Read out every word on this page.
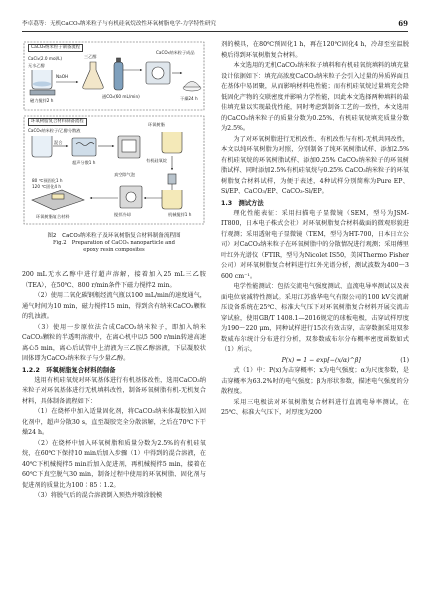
李卓荔等：无机CaCO₃纳米粒子与有机硅氧烷改性环氧树脂电学-力学特性研究	69
CaCO₃纳米粒子制备流程
环氧树脂复合材料制备流程
CaCl₂(2.0 mol/L)
无水乙醇
NaOH
磁力搅拌2 h
三乙醇
通CO₂(60 mL/min)
CaCO₃纳米粒子成品
干燥24 h
CaCO₃纳米粒子/乙醇分散液
混合
超声分散1 h
环氧树脂
有机硅氧烷
机械搅拌1 h
真空除气泡
搅拌冷却
80 ℃预固化1 h
120 ℃固化4 h
环氧树脂复合材料
图2　CaCO₃纳米粒子及环氧树脂复合材料制备流程图
Fig.2　Preparation of CaCO₃ nanoparticle and
epoxy resin composites

200 mL无水乙醇中进行超声溶解，接着加入25 mL三乙胺（TEA），在50℃、800 r/min条件下磁力搅拌2 min。

（2）使用二氧化碳钢瓶经流气瓶以100 mL/min的速度通气，通气时间为10 min，磁力搅拌15 min，得到含有纳米CaCO₃颗粒的乳浊液。

（3）使用一步原位法合成CaCO₃纳米粒子，即加入纳米CaCO₃颗粒的半透明溶液中，在离心机中以5 500 r/min转速高速离心5 min，离心后试管中上清液为三乙胺乙醇溶液，下层凝胶状固体即为CaCO₃纳米粒子与少量乙醇。

1.2.2　环氧树脂复合材料的制备

选用有机硅氧烷对环氧基体进行有机基体改性，选用CaCO₃纳米粒子对环氧基体进行无机填料改性，制备环氧树脂有机-无机复合材料，具体制备流程如下：

（1）在烧杯中加入适量固化剂，将CaCO₃纳米体凝胶加入固化剂中，超声分散30 s，直至凝胶完全分散溶解，之后在70℃下干燥24 h。

（2）在烧杯中加入环氧树脂和质量分数为2.5%的有机硅氧烷，在60℃下保持10 min后加入步骤（1）中得到的混合溶液，在40℃下机械搅拌5 min后加入促进剂，再机械搅拌5 min，接着在60℃下真空脱气30 min，制备过程中使用的环氧树脂、固化剂与促进剂的质量比为100∶85∶1.2。

（3）将脱气后的混合溶液倒入预热并喷涂脱模

剂的模具，在80℃预固化1 h，再在120℃固化4 h，冷却至室温脱模后得到环氧树脂复合材料。

本文选用的无机CaCO₃纳米粒子填料和有机硅氧烷填料的填充量设计依据如下：填充高浓度CaCO₃纳米粒子会引入过量的异质界面且在基体中易团聚，从而影响材料电性能；而有机硅氧烷过量填充会降低固化产物的交联密度并影响力学性能，因此本文选择两种填料的最佳填充量以实现最优性能，同时考虑到制备工艺的一致性，本文选用的CaCO₃纳米粒子的质量分数为0.25%、有机硅氧烷填充质量分数为2.5%。

为了对环氧树脂进行无机改性、有机改性与有机-无机共同改性，本文以纯环氧树脂为对照，分别制备了纯环氧树脂试样、添加2.5%有机硅氧烷的环氧树脂试样、添加0.25% CaCO₃纳米粒子的环氧树脂试样、同时添加2.5%有机硅氧烷与0.25% CaCO₃纳米粒子的环氧树脂复合材料试样，为便于表述，4种试样分别简称为Pure EP、Si/EP、CaCO₃/EP、CaCO₃-Si/EP。

1.3　测试方法

理化性能表征：采用扫描电子显微镜（SEM，型号为JSM-IT800，日本电子株式会社）对环氧树脂复合材料截面的微观形貌进行观测；采用透射电子显微镜（TEM，型号为HT-700，日本日立公司）对CaCO₃纳米粒子在环氧树脂中的分散情况进行观测；采用傅里叶红外光谱仪（FTIR，型号为Nicolet IS50，美国Thermo Fisher公司）对环氧树脂复合材料进行红外光谱分析，测试波数为400～3 600 cm⁻¹。

电学性能测试：包括交流电气强度测试、直流电导率测试以及表面电位衰减特性测试。采用江苏盛华电气有限公司的100 kV交流耐压设备系统在25℃、标准大气压下对环氧树脂复合材料开展交流击穿试验，使用GB/T 1408.1—2016规定的球板电极，击穿试样厚度为190～220 μm，同种试样进行15次有效击穿，击穿数据采用双参数威布尔统计分布进行分析，双参数威布尔分布概率密度函数如式（1）所示。

P(x) = 1 − exp[−(x/α)^β]	(1)

式（1）中：P(x)为击穿概率；x为电气强度；α为尺度参数，是击穿概率为63.2%时的电气强度；β为形状参数，描述电气强度的分散程度。

采用三电极法对环氧树脂复合材料进行直流电导率测试，在25℃、标准大气压下，对厚度为200
